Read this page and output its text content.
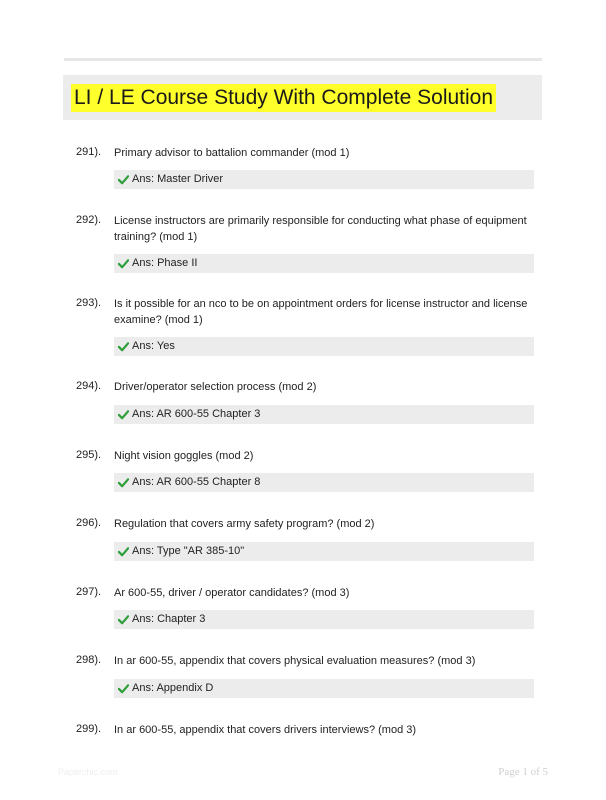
LI / LE Course Study With Complete Solution
291). Primary advisor to battalion commander (mod 1)
Ans: Master Driver
292). License instructors are primarily responsible for conducting what phase of equipment training? (mod 1)
Ans: Phase II
293). Is it possible for an nco to be on appointment orders for license instructor and license examine? (mod 1)
Ans: Yes
294). Driver/operator selection process (mod 2)
Ans: AR 600-55 Chapter 3
295). Night vision goggles (mod 2)
Ans: AR 600-55 Chapter 8
296). Regulation that covers army safety program? (mod 2)
Ans: Type "AR 385-10"
297). Ar 600-55, driver / operator candidates? (mod 3)
Ans: Chapter 3
298). In ar 600-55, appendix that covers physical evaluation measures? (mod 3)
Ans: Appendix D
299). In ar 600-55, appendix that covers drivers interviews? (mod 3)
Paperchic.com	Page 1 of 5
